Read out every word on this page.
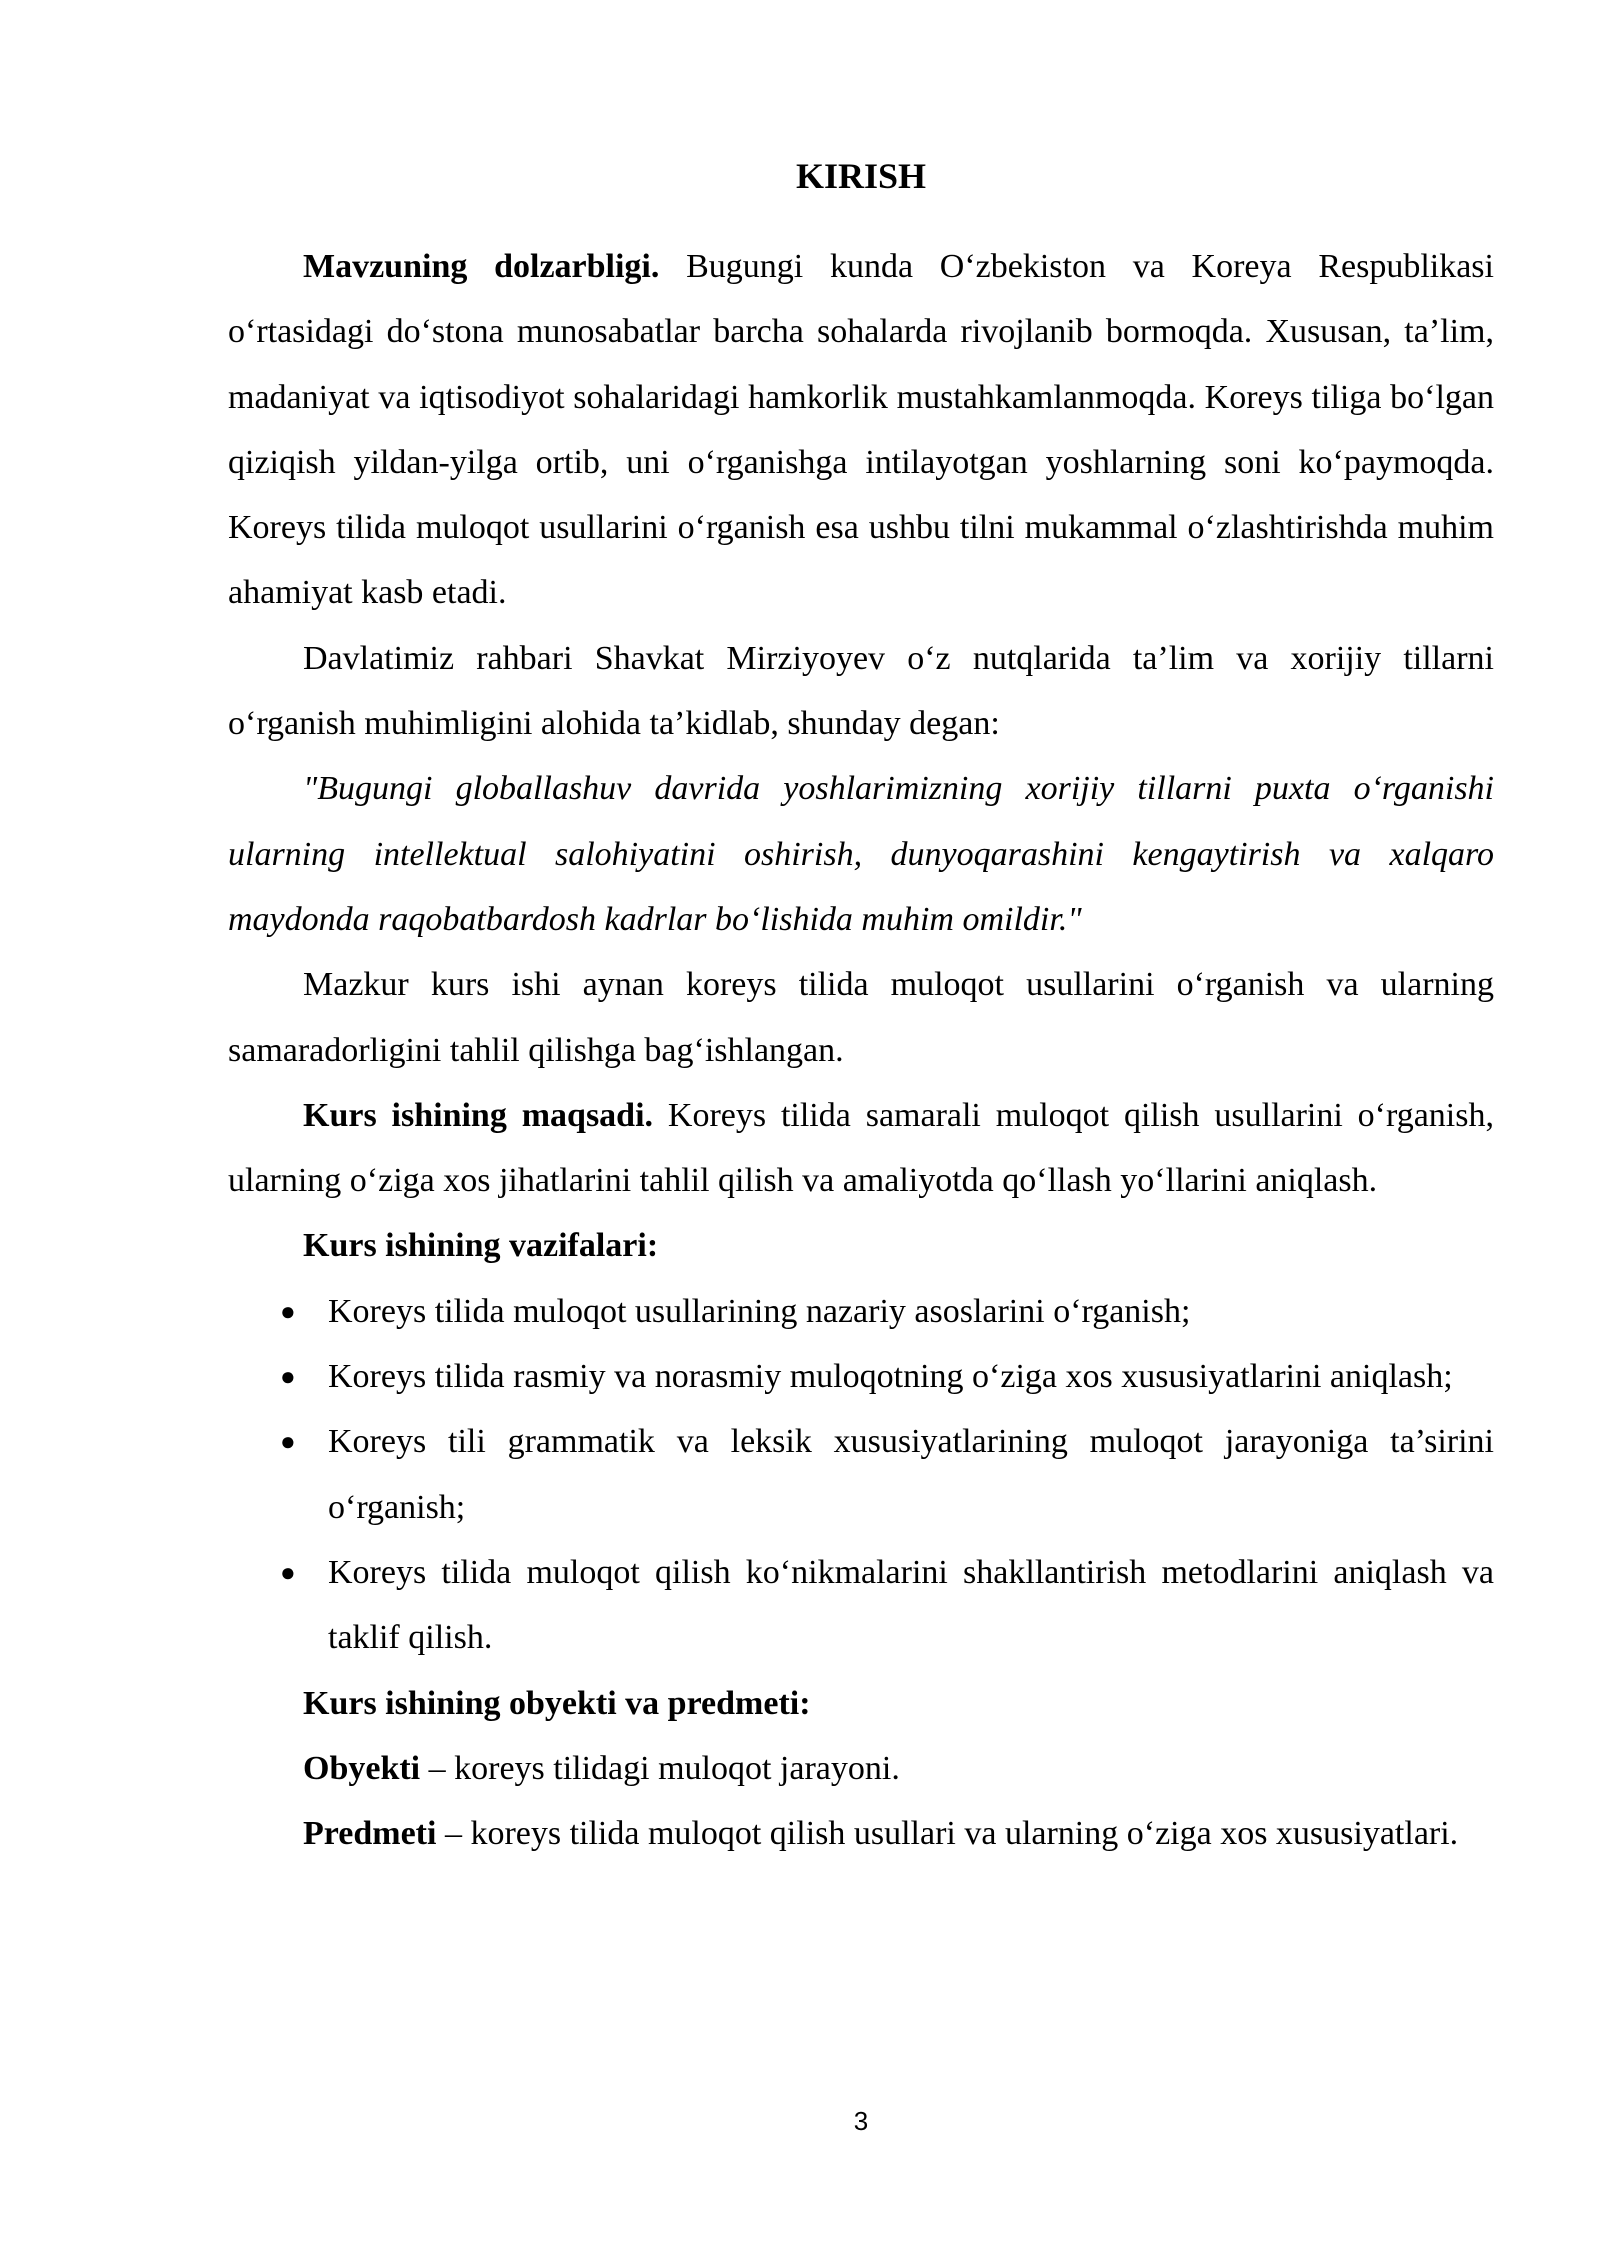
KIRISH

Mavzuning dolzarbligi. Bugungi kunda O‘zbekiston va Koreya Respublikasi o‘rtasidagi do‘stona munosabatlar barcha sohalarda rivojlanib bormoqda. Xususan, ta’lim, madaniyat va iqtisodiyot sohalaridagi hamkorlik mustahkamlanmoqda. Koreys tiliga bo‘lgan qiziqish yildan-yilga ortib, uni o‘rganishga intilayotgan yoshlarning soni ko‘paymoqda. Koreys tilida muloqot usullarini o‘rganish esa ushbu tilni mukammal o‘zlashtirishda muhim ahamiyat kasb etadi.

Davlatimiz rahbari Shavkat Mirziyoyev o‘z nutqlarida ta’lim va xorijiy tillarni o‘rganish muhimligini alohida ta’kidlab, shunday degan:

"Bugungi globallashuv davrida yoshlarimizning xorijiy tillarni puxta o‘rganishi ularning intellektual salohiyatini oshirish, dunyoqarashini kengaytirish va xalqaro maydonda raqobatbardosh kadrlar bo‘lishida muhim omildir."

Mazkur kurs ishi aynan koreys tilida muloqot usullarini o‘rganish va ularning samaradorligini tahlil qilishga bag‘ishlangan.

Kurs ishining maqsadi. Koreys tilida samarali muloqot qilish usullarini o‘rganish, ularning o‘ziga xos jihatlarini tahlil qilish va amaliyotda qo‘llash yo‘llarini aniqlash.

Kurs ishining vazifalari:

● Koreys tilida muloqot usullarining nazariy asoslarini o‘rganish;
● Koreys tilida rasmiy va norasmiy muloqotning o‘ziga xos xususiyatlarini aniqlash;
● Koreys tili grammatik va leksik xususiyatlarining muloqot jarayoniga ta’sirini o‘rganish;
● Koreys tilida muloqot qilish ko‘nikmalarini shakllantirish metodlarini aniqlash va taklif qilish.

Kurs ishining obyekti va predmeti:

Obyekti – koreys tilidagi muloqot jarayoni.

Predmeti – koreys tilida muloqot qilish usullari va ularning o‘ziga xos xususiyatlari.

3
